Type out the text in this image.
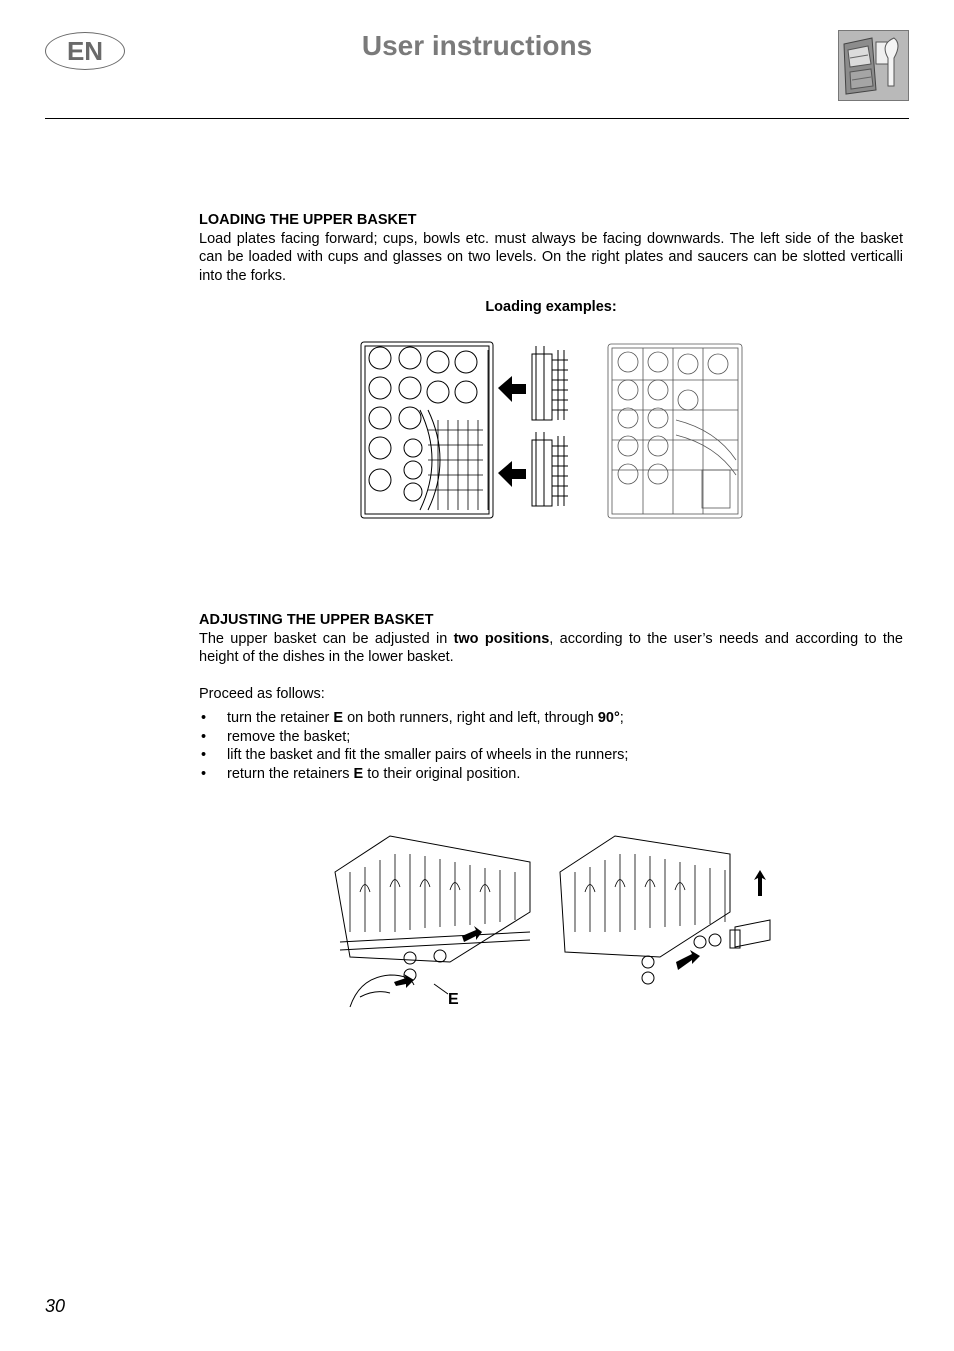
EN	User instructions
LOADING THE UPPER BASKET

Load plates facing forward; cups, bowls etc. must always be facing downwards. The left side of the basket can be loaded with cups and glasses on two levels. On the right plates and saucers can be slotted verticalli into the forks.

Loading examples:
ADJUSTING THE UPPER BASKET

The upper basket can be adjusted in two positions, according to the user’s needs and according to the height of the dishes in the lower basket.

Proceed as follows:

• turn the retainer E on both runners, right and left, through 90°;
• remove the basket;
• lift the basket and fit the smaller pairs of wheels in the runners;
• return the retainers E to their original position.
E
30
